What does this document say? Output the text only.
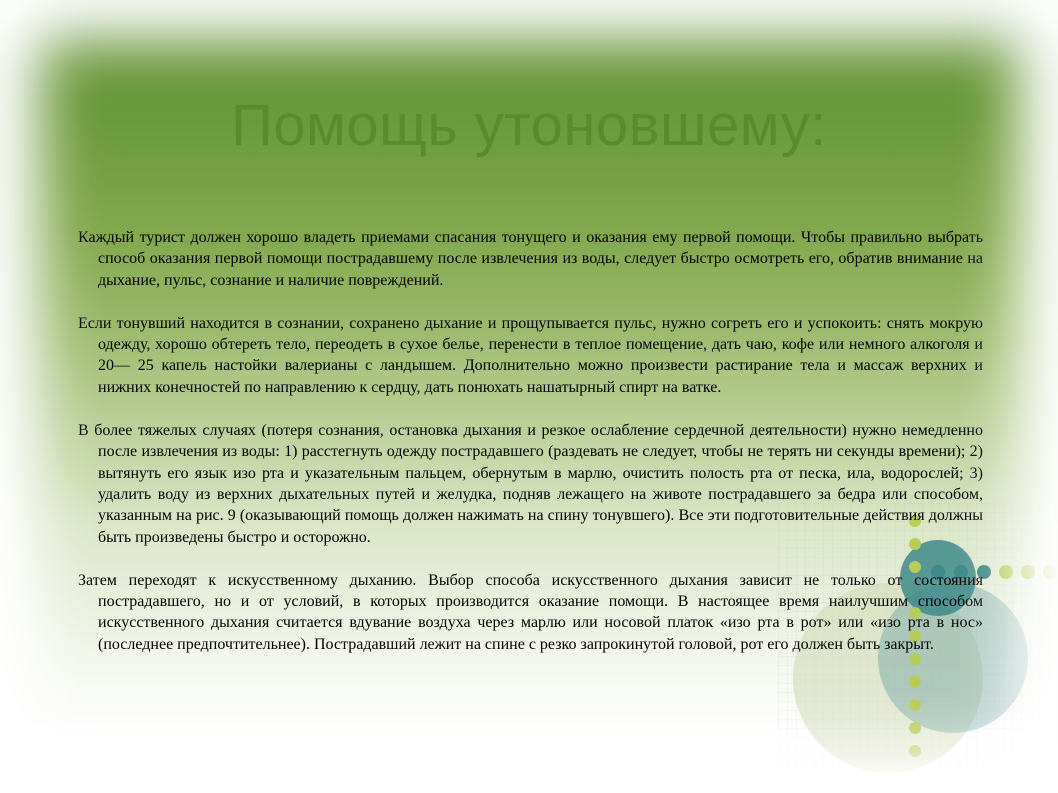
Помощь утоновшему:

Каждый турист должен хорошо владеть приемами спасания тонущего и оказания ему первой помощи. Чтобы правильно выбрать способ оказания первой помощи пострадавшему после извлечения из воды, следует быстро осмотреть его, обратив внимание на дыхание, пульс, сознание и наличие повреждений.

Если тонувший находится в сознании, сохранено дыхание и прощупывается пульс, нужно согреть его и успокоить: снять мокрую одежду, хорошо обтереть тело, переодеть в сухое белье, перенести в теплое помещение, дать чаю, кофе или немного алкоголя и 20— 25 капель настойки валерианы с ландышем. Дополнительно можно произвести растирание тела и массаж верхних и нижних конечностей по направлению к сердцу, дать понюхать нашатырный спирт на ватке.

В более тяжелых случаях (потеря сознания, остановка дыхания и резкое ослабление сердечной деятельности) нужно немедленно после извлечения из воды: 1) расстегнуть одежду пострадавшего (раздевать не следует, чтобы не терять ни секунды времени); 2) вытянуть его язык изо рта и указательным пальцем, обернутым в марлю, очистить полость рта от песка, ила, водорослей; 3) удалить воду из верхних дыхательных путей и желудка, подняв лежащего на животе пострадавшего за бедра или способом, указанным на рис. 9 (оказывающий помощь должен нажимать на спину тонувшего). Все эти подготовительные действия должны быть произведены быстро и осторожно.

Затем переходят к искусственному дыханию. Выбор способа искусственного дыхания зависит не только от состояния пострадавшего, но и от условий, в которых производится оказание помощи. В настоящее время наилучшим способом искусственного дыхания считается вдувание воздуха через марлю или носовой платок «изо рта в рот» или «изо рта в нос» (последнее предпочтительнее). Пострадавший лежит на спине с резко запрокинутой головой, рот его должен быть закрыт.
